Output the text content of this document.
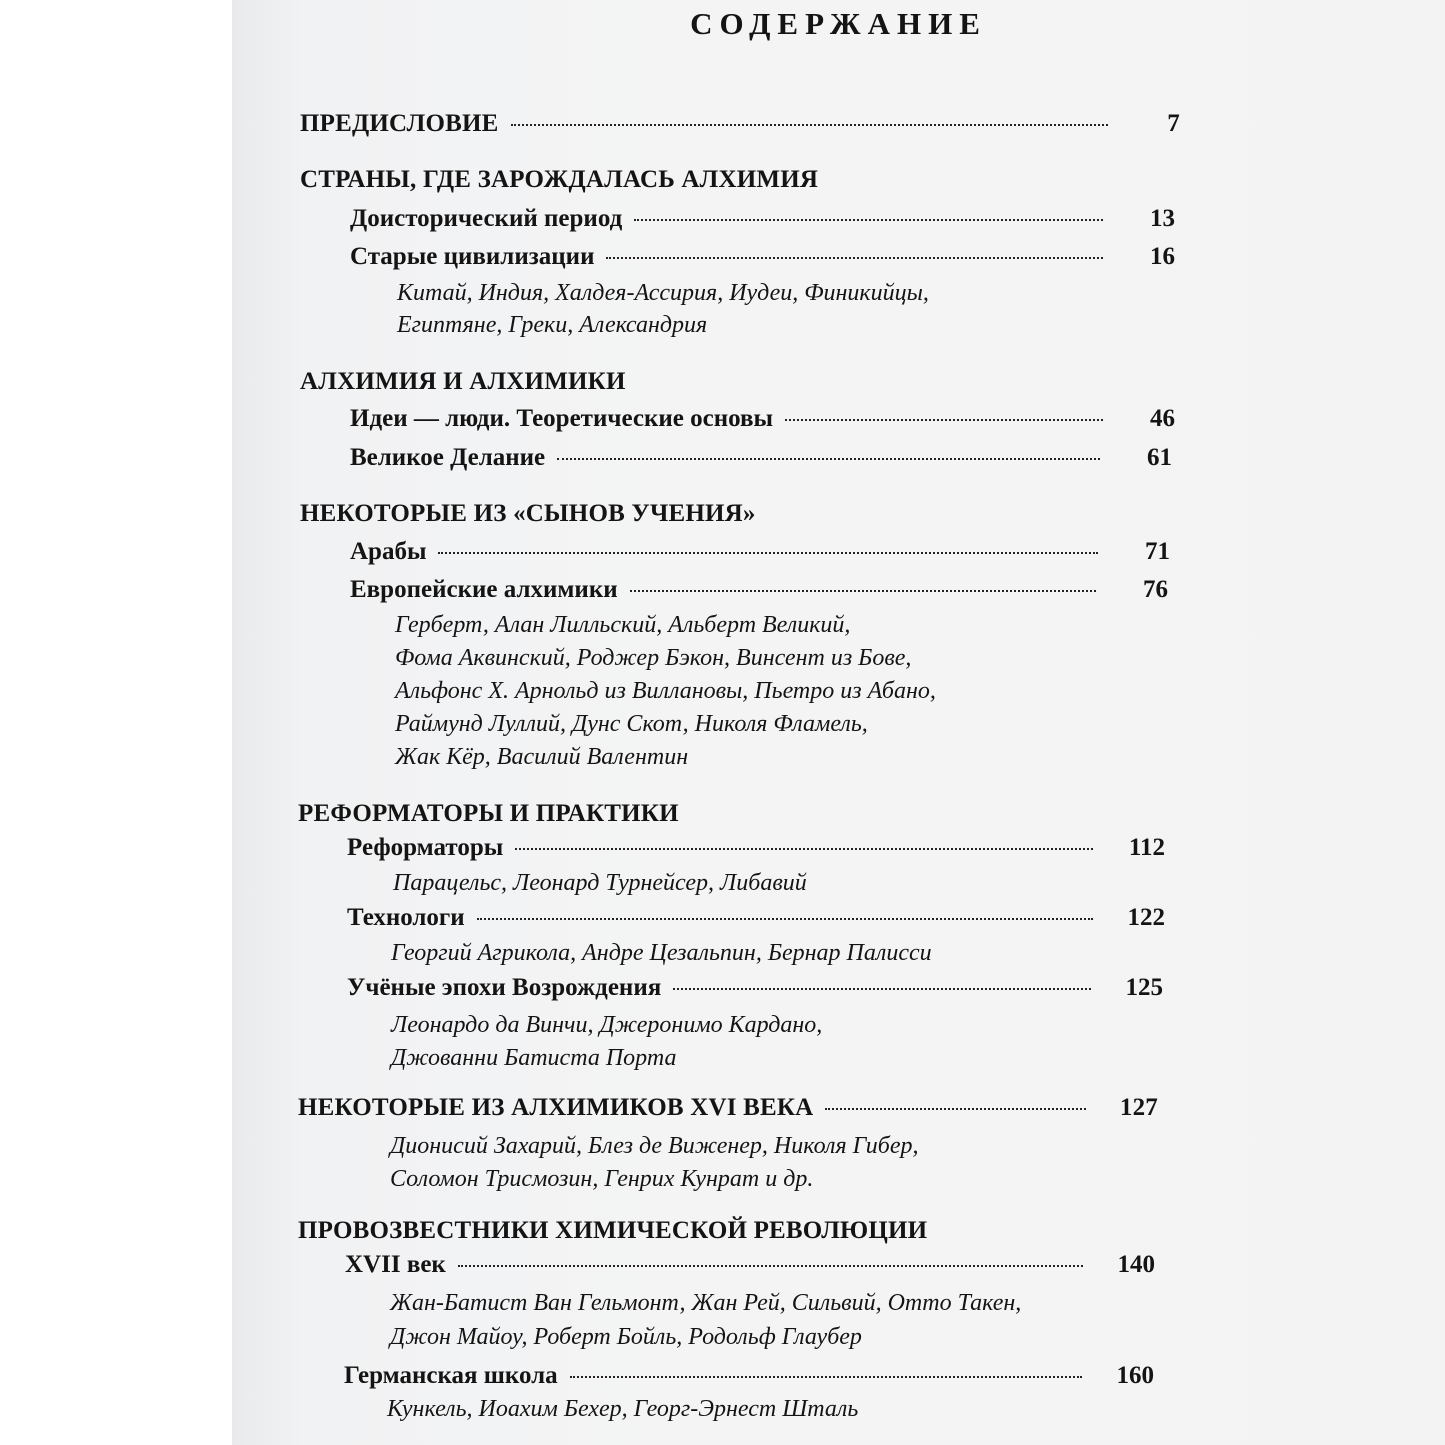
СОДЕРЖАНИЕ
ПРЕДИСЛОВИЕ	7
СТРАНЫ, ГДЕ ЗАРОЖДАЛАСЬ АЛХИМИЯ
Доисторический период	13
Старые цивилизации	16
Китай, Индия, Халдея-Ассирия, Иудеи, Финикийцы,
Египтяне, Греки, Александрия
АЛХИМИЯ И АЛХИМИКИ
Идеи — люди. Теоретические основы	46
Великое Делание	61
НЕКОТОРЫЕ ИЗ «СЫНОВ УЧЕНИЯ»
Арабы	71
Европейские алхимики	76
Герберт, Алан Лилльский, Альберт Великий,
Фома Аквинский, Роджер Бэкон, Винсент из Бове,
Альфонс Х. Арнольд из Виллановы, Пьетро из Абано,
Раймунд Луллий, Дунс Скот, Николя Фламель,
Жак Кёр, Василий Валентин
РЕФОРМАТОРЫ И ПРАКТИКИ
Реформаторы	112
Парацельс, Леонард Турнейсер, Либавий
Технологи	122
Георгий Агрикола, Андре Цезальпин, Бернар Палисси
Учёные эпохи Возрождения	125
Леонардо да Винчи, Джеронимо Кардано,
Джованни Батиста Порта
НЕКОТОРЫЕ ИЗ АЛХИМИКОВ XVI ВЕКА	127
Дионисий Захарий, Блез де Виженер, Николя Гибер,
Соломон Трисмозин, Генрих Кунрат и др.
ПРОВОЗВЕСТНИКИ ХИМИЧЕСКОЙ РЕВОЛЮЦИИ
XVII век	140
Жан-Батист Ван Гельмонт, Жан Рей, Сильвий, Отто Такен,
Джон Майоу, Роберт Бойль, Родольф Глаубер
Германская школа	160
Кункель, Иоахим Бехер, Георг-Эрнест Шталь
